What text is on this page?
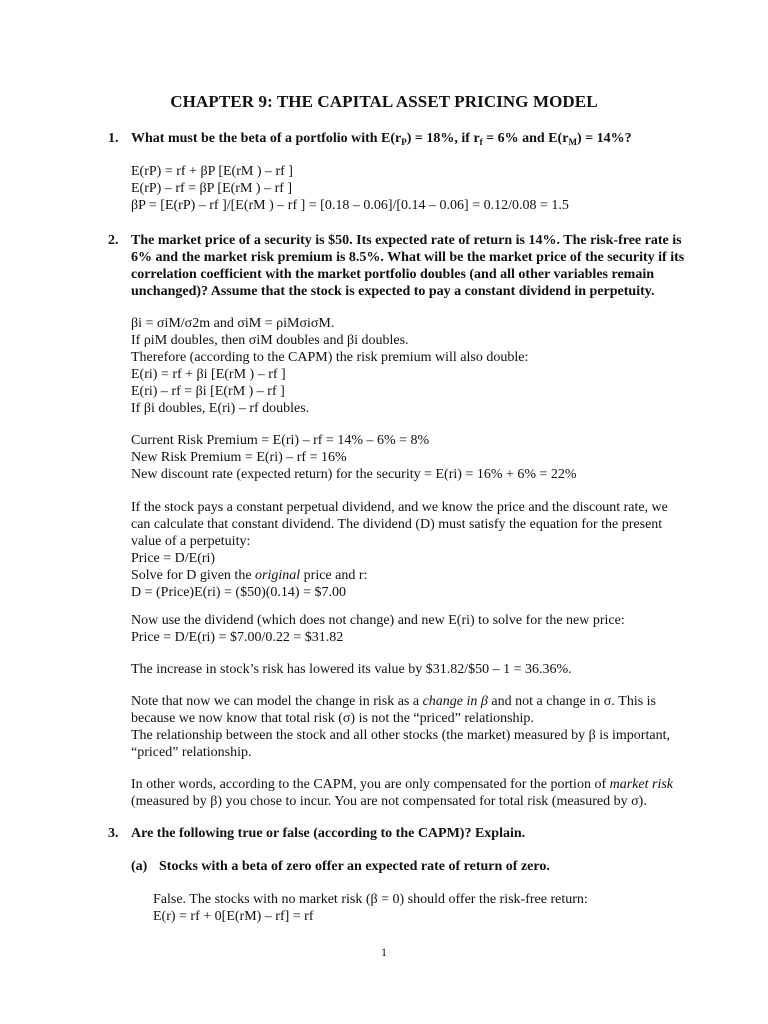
CHAPTER 9: THE CAPITAL ASSET PRICING MODEL
1. What must be the beta of a portfolio with $E(r_P) = 18\%$, if $r_f = 6\%$ and $E(r_M) = 14\%$?
E(rP) = rf + βP [E(rM ) – rf ]
E(rP) – rf = βP [E(rM ) – rf ]
βP = [E(rP) – rf ]/[E(rM ) – rf ] = [0.18 – 0.06]/[0.14 – 0.06] = 0.12/0.08 = 1.5
2. The market price of a security is $50. Its expected rate of return is 14%. The risk-free rate is
6% and the market risk premium is 8.5%. What will be the market price of the security if its
correlation coefficient with the market portfolio doubles (and all other variables remain
unchanged)? Assume that the stock is expected to pay a constant dividend in perpetuity.
βi = σiM/σ2m and σiM = ρiMσiσM.
If ρiM doubles, then σiM doubles and βi doubles.
Therefore (according to the CAPM) the risk premium will also double:
E(ri) = rf + βi [E(rM ) – rf ]
E(ri) – rf = βi [E(rM ) – rf ]
If βi doubles, E(ri) – rf doubles.
Current Risk Premium = E(ri) – rf = 14% – 6% = 8%
New Risk Premium = E(ri) – rf = 16%
New discount rate (expected return) for the security = E(ri) = 16% + 6% = 22%
If the stock pays a constant perpetual dividend, and we know the price and the discount rate, we
can calculate that constant dividend. The dividend (D) must satisfy the equation for the present
value of a perpetuity:
Price = D/E(ri)
Solve for D given the original price and r:
D = (Price)E(ri) = ($50)(0.14) = $7.00
Now use the dividend (which does not change) and new E(ri) to solve for the new price:
Price = D/E(ri) = $7.00/0.22 = $31.82
The increase in stock’s risk has lowered its value by $31.82/$50 – 1 = 36.36%.
Note that now we can model the change in risk as a change in β and not a change in σ. This is
because we now know that total risk (σ) is not the “priced” relationship.
The relationship between the stock and all other stocks (the market) measured by β is important,
“priced” relationship.
In other words, according to the CAPM, you are only compensated for the portion of market risk
(measured by β) you chose to incur. You are not compensated for total risk (measured by σ).
3. Are the following true or false (according to the CAPM)? Explain.
(a) Stocks with a beta of zero offer an expected rate of return of zero.
False. The stocks with no market risk (β = 0) should offer the risk-free return:
E(r) = rf + 0[E(rM) – rf] = rf
1
